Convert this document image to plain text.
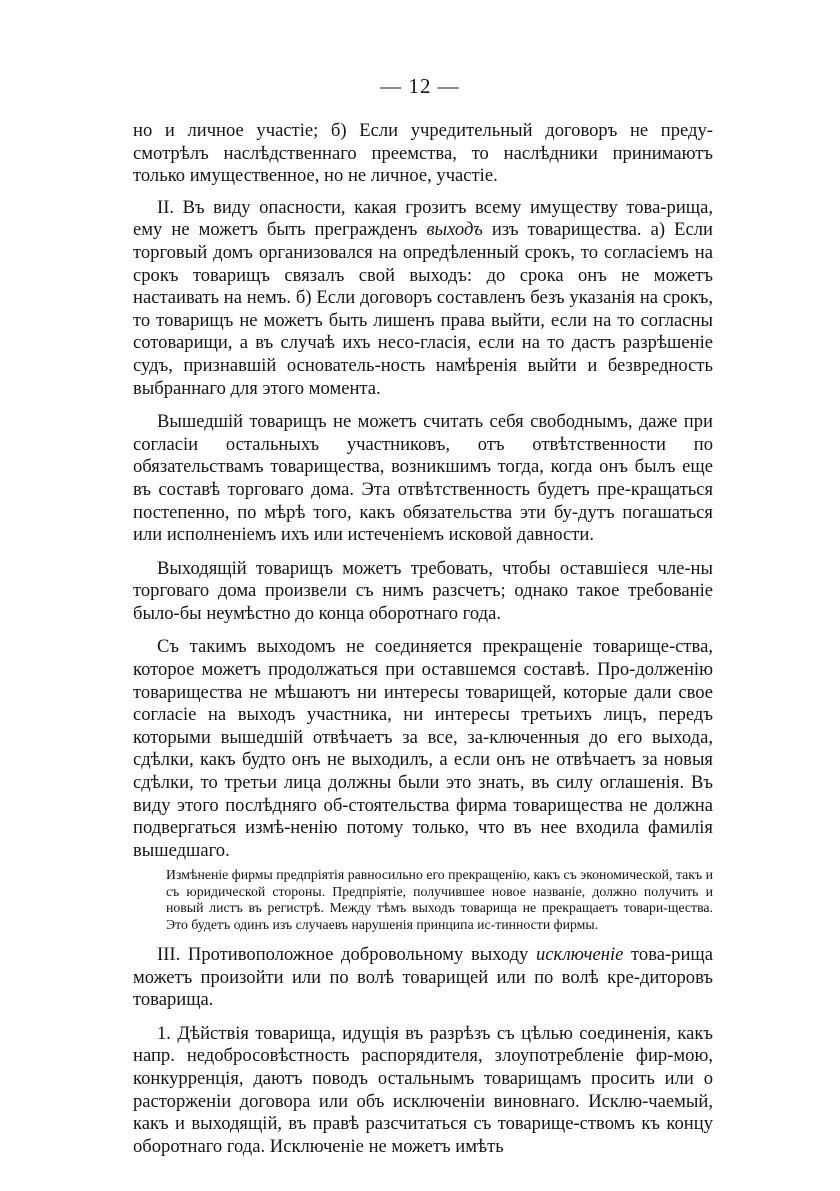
— 12 —

но и личное участіе; б) Если учредительный договоръ не преду-смотрѣлъ наслѣдственнаго преемства, то наслѣдники принимаютъ только имущественное, но не личное, участіе.

II. Въ виду опасности, какая грозитъ всему имуществу това-рища, ему не можетъ быть прегражденъ выходъ изъ товарищества. а) Если торговый домъ организовался на опредѣленный срокъ, то согласіемъ на срокъ товарищъ связалъ свой выходъ: до срока онъ не можетъ настаивать на немъ. б) Если договоръ составленъ безъ указанія на срокъ, то товарищъ не можетъ быть лишенъ права выйти, если на то согласны сотоварищи, а въ случаѣ ихъ несо-гласія, если на то дастъ разрѣшеніе судъ, признавшій основатель-ность намѣренія выйти и безвредность выбраннаго для этого момента.

Вышедшій товарищъ не можетъ считать себя свободнымъ, даже при согласіи остальныхъ участниковъ, отъ отвѣтственности по обязательствамъ товарищества, возникшимъ тогда, когда онъ былъ еще въ составѣ торговаго дома. Эта отвѣтственность будетъ пре-кращаться постепенно, по мѣрѣ того, какъ обязательства эти бу-дутъ погашаться или исполненіемъ ихъ или истеченіемъ исковой давности.

Выходящій товарищъ можетъ требовать, чтобы оставшіеся чле-ны торговаго дома произвели съ нимъ разсчетъ; однако такое требованіе было-бы неумѣстно до конца оборотнаго года.

Съ такимъ выходомъ не соединяется прекращеніе товарище-ства, которое можетъ продолжаться при оставшемся составѣ. Про-долженію товарищества не мѣшаютъ ни интересы товарищей, которые дали свое согласіе на выходъ участника, ни интересы третьихъ лицъ, передъ которыми вышедшій отвѣчаетъ за все, за-ключенныя до его выхода, сдѣлки, какъ будто онъ не выходилъ, а если онъ не отвѣчаетъ за новыя сдѣлки, то третьи лица должны были это знать, въ силу оглашенія. Въ виду этого послѣдняго об-стоятельства фирма товарищества не должна подвергаться измѣ-ненію потому только, что въ нее входила фамилія вышедшаго.

Измѣненіе фирмы предпріятія равносильно его прекращенію, какъ съ экономической, такъ и съ юридической стороны. Предпріятіе, получившее новое названіе, должно получить и новый листъ въ регистрѣ. Между тѣмъ выходъ товарища не прекращаетъ товари-щества. Это будетъ одинъ изъ случаевъ нарушенія принципа ис-тинности фирмы.

III. Противоположное добровольному выходу исключеніе това-рища можетъ произойти или по волѣ товарищей или по волѣ кре-диторовъ товарища.

1. Дѣйствія товарища, идущія въ разрѣзъ съ цѣлью соединенія, какъ напр. недобросовѣстность распорядителя, злоупотребленіе фир-мою, конкурренція, даютъ поводъ остальнымъ товарищамъ просить или о расторженіи договора или объ исключеніи виновнаго. Исклю-чаемый, какъ и выходящій, въ правѣ разсчитаться съ товарище-ствомъ къ концу оборотнаго года. Исключеніе не можетъ имѣть
